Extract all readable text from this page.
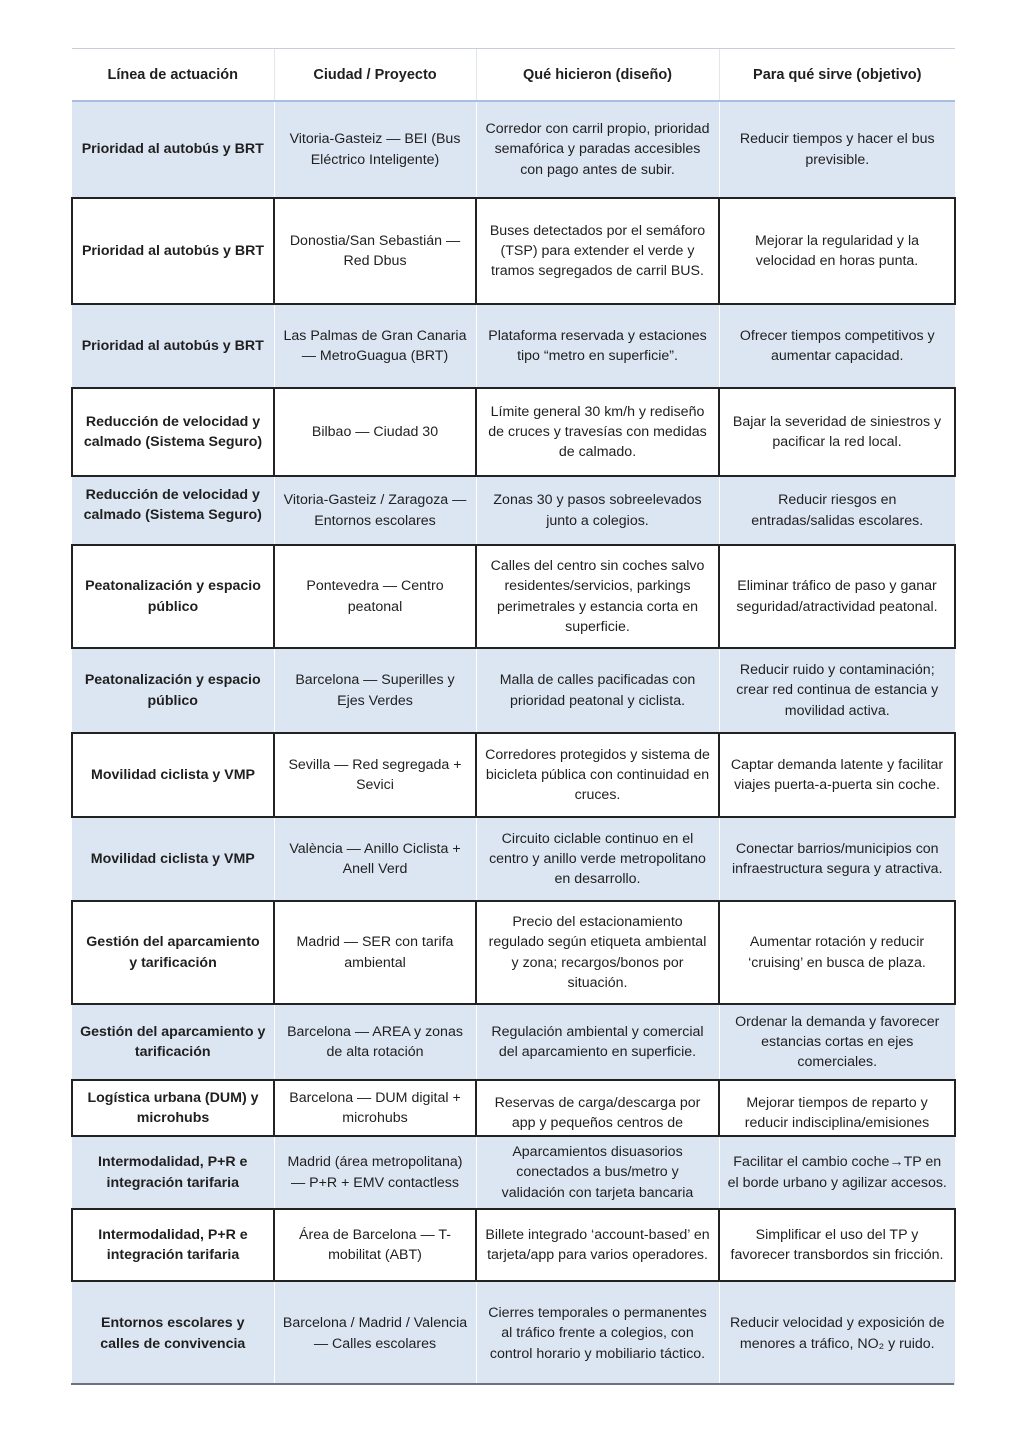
Línea de actuación	Ciudad / Proyecto	Qué hicieron (diseño)	Para qué sirve (objetivo)
Prioridad al autobús y BRT	Vitoria-Gasteiz — BEI (Bus Eléctrico Inteligente)	Corredor con carril propio, prioridad semafórica y paradas accesibles con pago antes de subir.	Reducir tiempos y hacer el bus previsible.
Prioridad al autobús y BRT	Donostia/San Sebastián — Red Dbus	Buses detectados por el semáforo (TSP) para extender el verde y tramos segregados de carril BUS.	Mejorar la regularidad y la velocidad en horas punta.
Prioridad al autobús y BRT	Las Palmas de Gran Canaria — MetroGuagua (BRT)	Plataforma reservada y estaciones tipo “metro en superficie”.	Ofrecer tiempos competitivos y aumentar capacidad.
Reducción de velocidad y calmado (Sistema Seguro)	Bilbao — Ciudad 30	Límite general 30 km/h y rediseño de cruces y travesías con medidas de calmado.	Bajar la severidad de siniestros y pacificar la red local.

Reducción de velocidad y calmado (Sistema Seguro)	Vitoria-Gasteiz / Zaragoza — Entornos escolares	Zonas 30 y pasos sobreelevados junto a colegios.	Reducir riesgos en entradas/salidas escolares.
Peatonalización y espacio público	Pontevedra — Centro peatonal	Calles del centro sin coches salvo residentes/servicios, parkings perimetrales y estancia corta en superficie.	Eliminar tráfico de paso y ganar seguridad/atractividad peatonal.
Peatonalización y espacio público	Barcelona — Superilles y Ejes Verdes	Malla de calles pacificadas con prioridad peatonal y ciclista.	Reducir ruido y contaminación; crear red continua de estancia y movilidad activa.
Movilidad ciclista y VMP	Sevilla — Red segregada + Sevici	Corredores protegidos y sistema de bicicleta pública con continuidad en cruces.	Captar demanda latente y facilitar viajes puerta-a-puerta sin coche.
Movilidad ciclista y VMP	València — Anillo Ciclista + Anell Verd	Circuito ciclable continuo en el centro y anillo verde metropolitano en desarrollo.	Conectar barrios/municipios con infraestructura segura y atractiva.
Gestión del aparcamiento y tarificación	Madrid — SER con tarifa ambiental	Precio del estacionamiento regulado según etiqueta ambiental y zona; recargos/bonos por situación.	Aumentar rotación y reducir ‘cruising’ en busca de plaza.
Gestión del aparcamiento y tarificación	Barcelona — AREA y zonas de alta rotación	Regulación ambiental y comercial del aparcamiento en superficie.	Ordenar la demanda y favorecer estancias cortas en ejes comerciales.
Logística urbana (DUM) y microhubs	Barcelona — DUM digital + microhubs	Reservas de carga/descarga por app y pequeños centros de	Mejorar tiempos de reparto y reducir indisciplina/emisiones

Intermodalidad, P+R e integración tarifaria	Madrid (área metropolitana) — P+R + EMV contactless	Aparcamientos disuasorios conectados a bus/metro y validación con tarjeta bancaria	Facilitar el cambio coche→TP en el borde urbano y agilizar accesos.
Intermodalidad, P+R e integración tarifaria	Área de Barcelona — T-mobilitat (ABT)	Billete integrado ‘account-based’ en tarjeta/app para varios operadores.	Simplificar el uso del TP y favorecer transbordos sin fricción.
Entornos escolares y calles de convivencia	Barcelona / Madrid / Valencia — Calles escolares	Cierres temporales o permanentes al tráfico frente a colegios, con control horario y mobiliario táctico.	Reducir velocidad y exposición de menores a tráfico, NO₂ y ruido.
